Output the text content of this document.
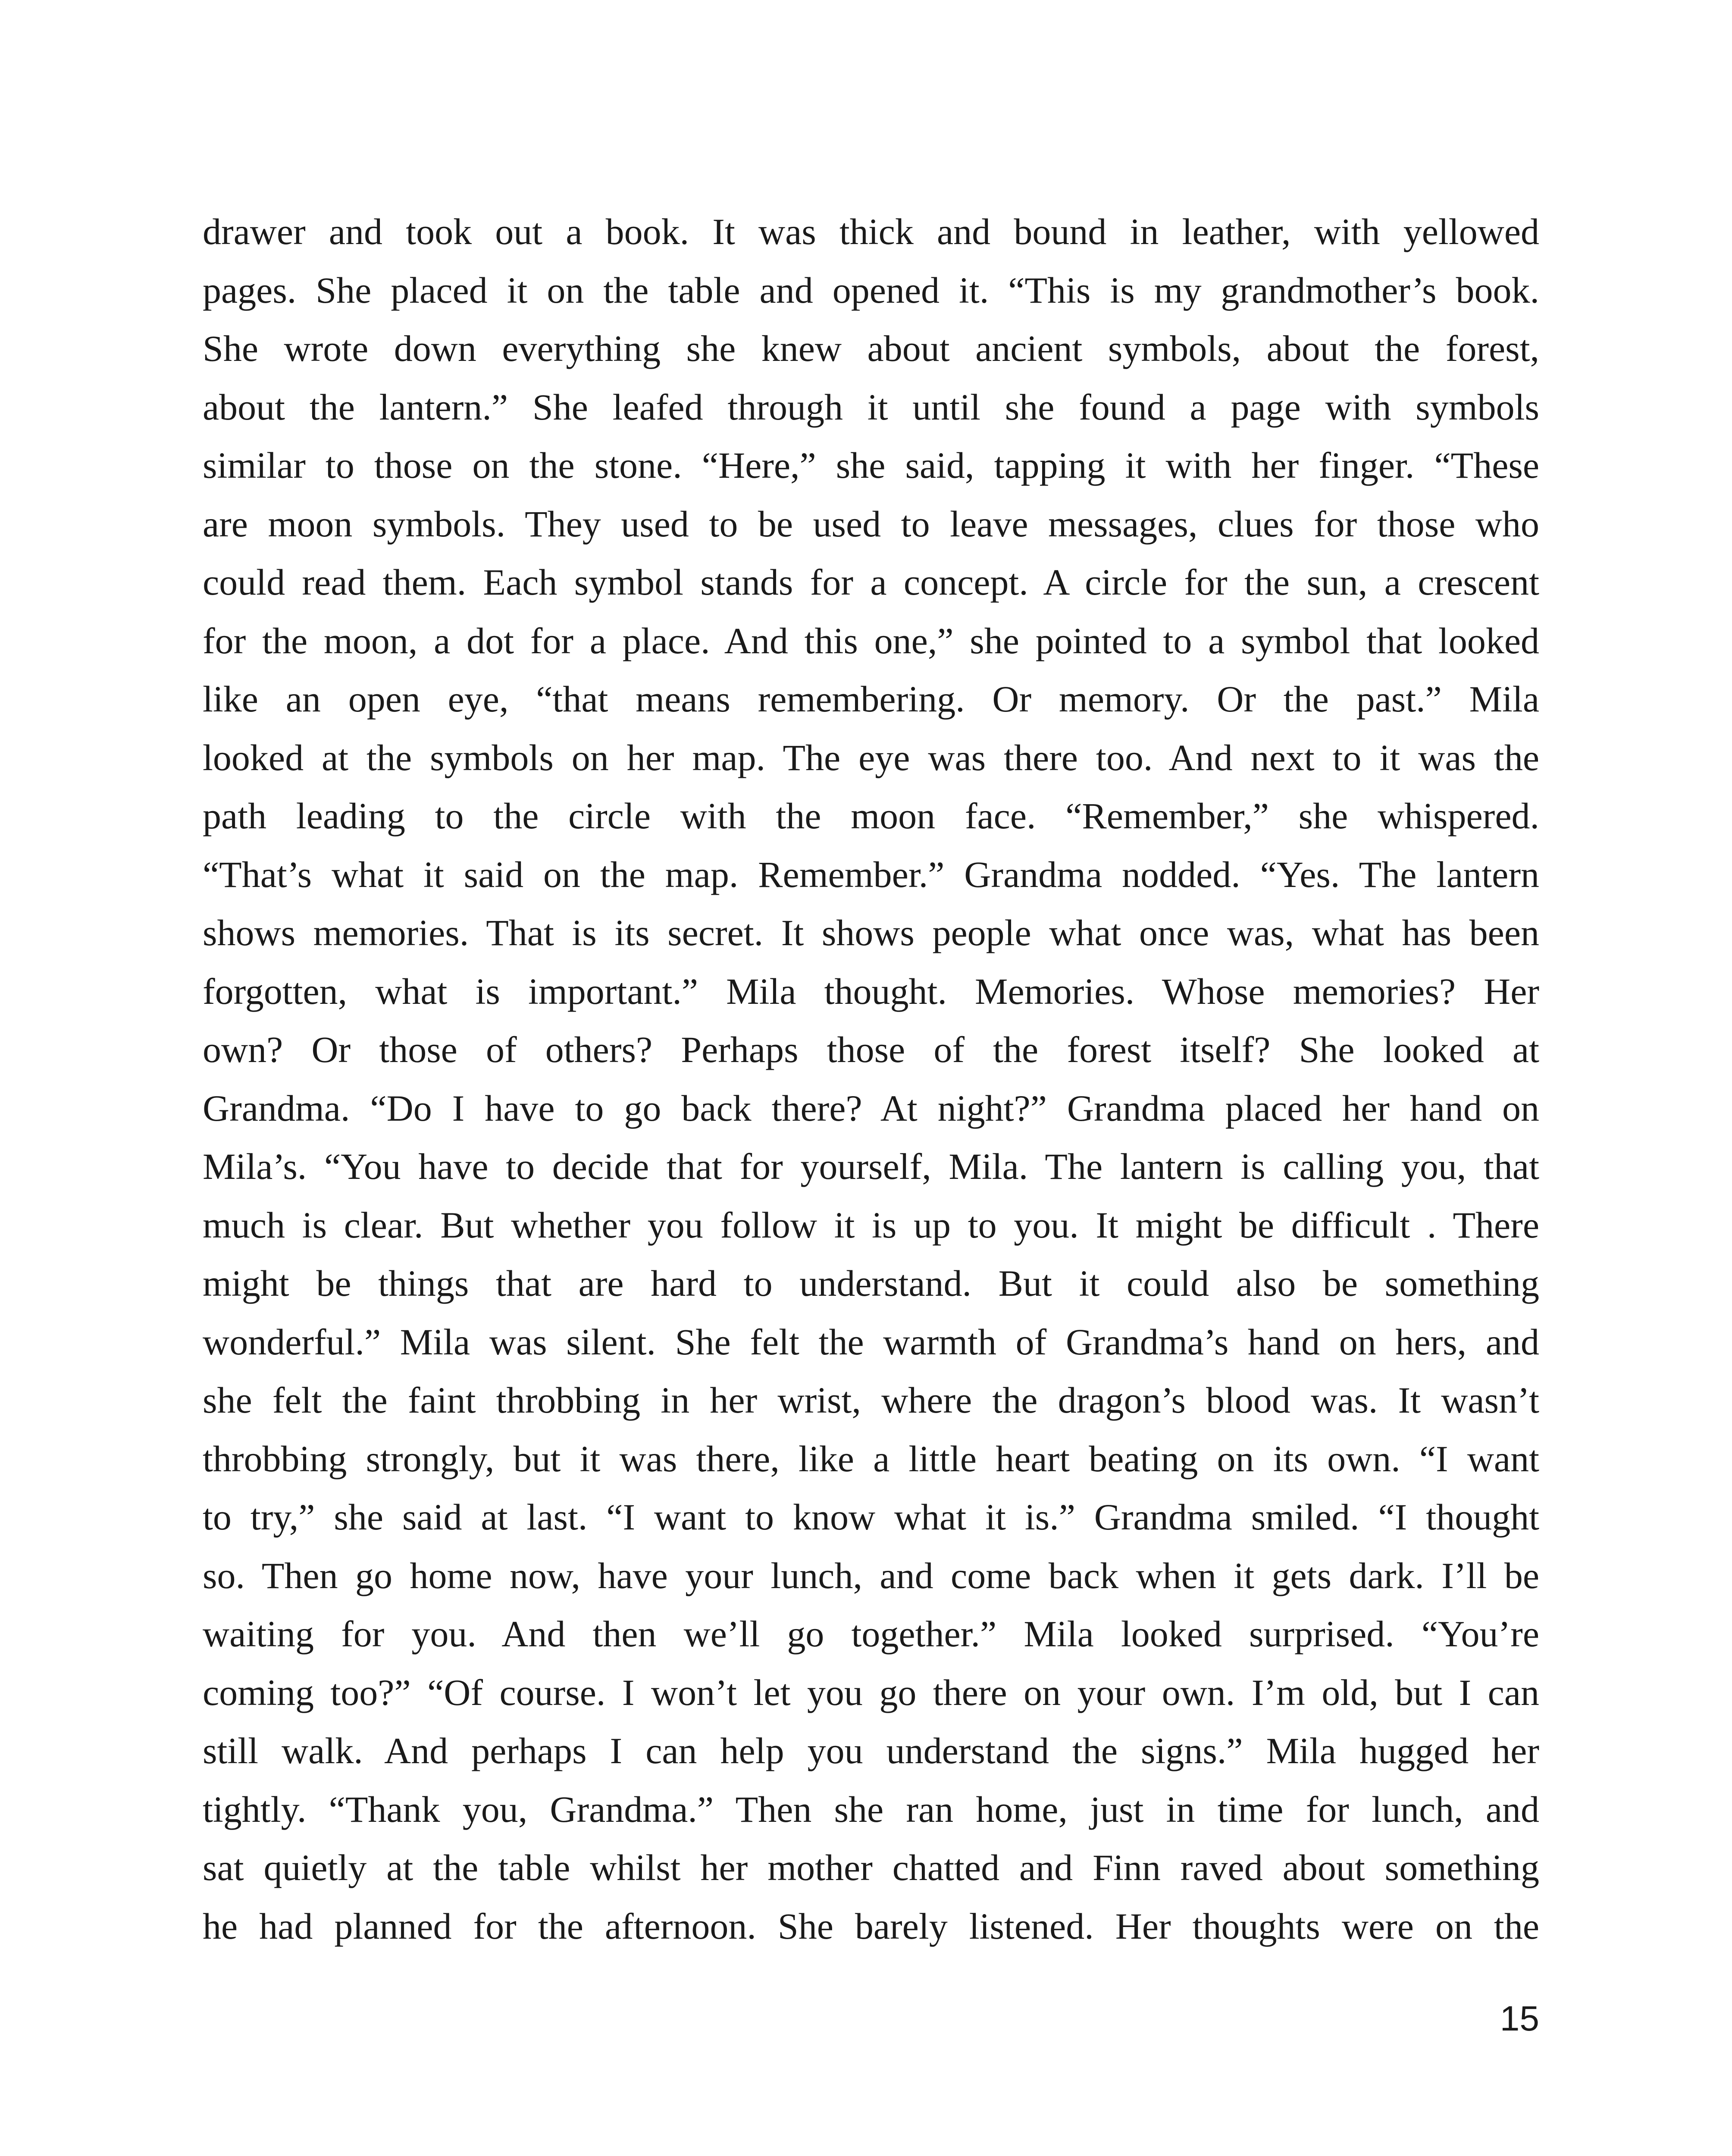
drawer and took out a book. It was thick and bound in leather, with yellowed
pages. She placed it on the table and opened it. “This is my grandmother’s book.
She wrote down everything she knew about ancient symbols, about the forest,
about the lantern.” She leafed through it until she found a page with symbols
similar to those on the stone. “Here,” she said, tapping it with her finger. “These
are moon symbols. They used to be used to leave messages, clues for those who
could read them. Each symbol stands for a concept. A circle for the sun, a crescent
for the moon, a dot for a place. And this one,” she pointed to a symbol that looked
like an open eye, “that means remembering. Or memory. Or the past.” Mila
looked at the symbols on her map. The eye was there too. And next to it was the
path leading to the circle with the moon face. “Remember,” she whispered.
“That’s what it said on the map. Remember.” Grandma nodded. “Yes. The lantern
shows memories. That is its secret. It shows people what once was, what has been
forgotten, what is important.” Mila thought. Memories. Whose memories? Her
own? Or those of others? Perhaps those of the forest itself? She looked at
Grandma. “Do I have to go back there? At night?” Grandma placed her hand on
Mila’s. “You have to decide that for yourself, Mila. The lantern is calling you, that
much is clear. But whether you follow it is up to you. It might be difficult . There
might be things that are hard to understand. But it could also be something
wonderful.” Mila was silent. She felt the warmth of Grandma’s hand on hers, and
she felt the faint throbbing in her wrist, where the dragon’s blood was. It wasn’t
throbbing strongly, but it was there, like a little heart beating on its own. “I want
to try,” she said at last. “I want to know what it is.” Grandma smiled. “I thought
so. Then go home now, have your lunch, and come back when it gets dark. I’ll be
waiting for you. And then we’ll go together.” Mila looked surprised. “You’re
coming too?” “Of course. I won’t let you go there on your own. I’m old, but I can
still walk. And perhaps I can help you understand the signs.” Mila hugged her
tightly. “Thank you, Grandma.” Then she ran home, just in time for lunch, and
sat quietly at the table whilst her mother chatted and Finn raved about something
he had planned for the afternoon. She barely listened. Her thoughts were on the
15
